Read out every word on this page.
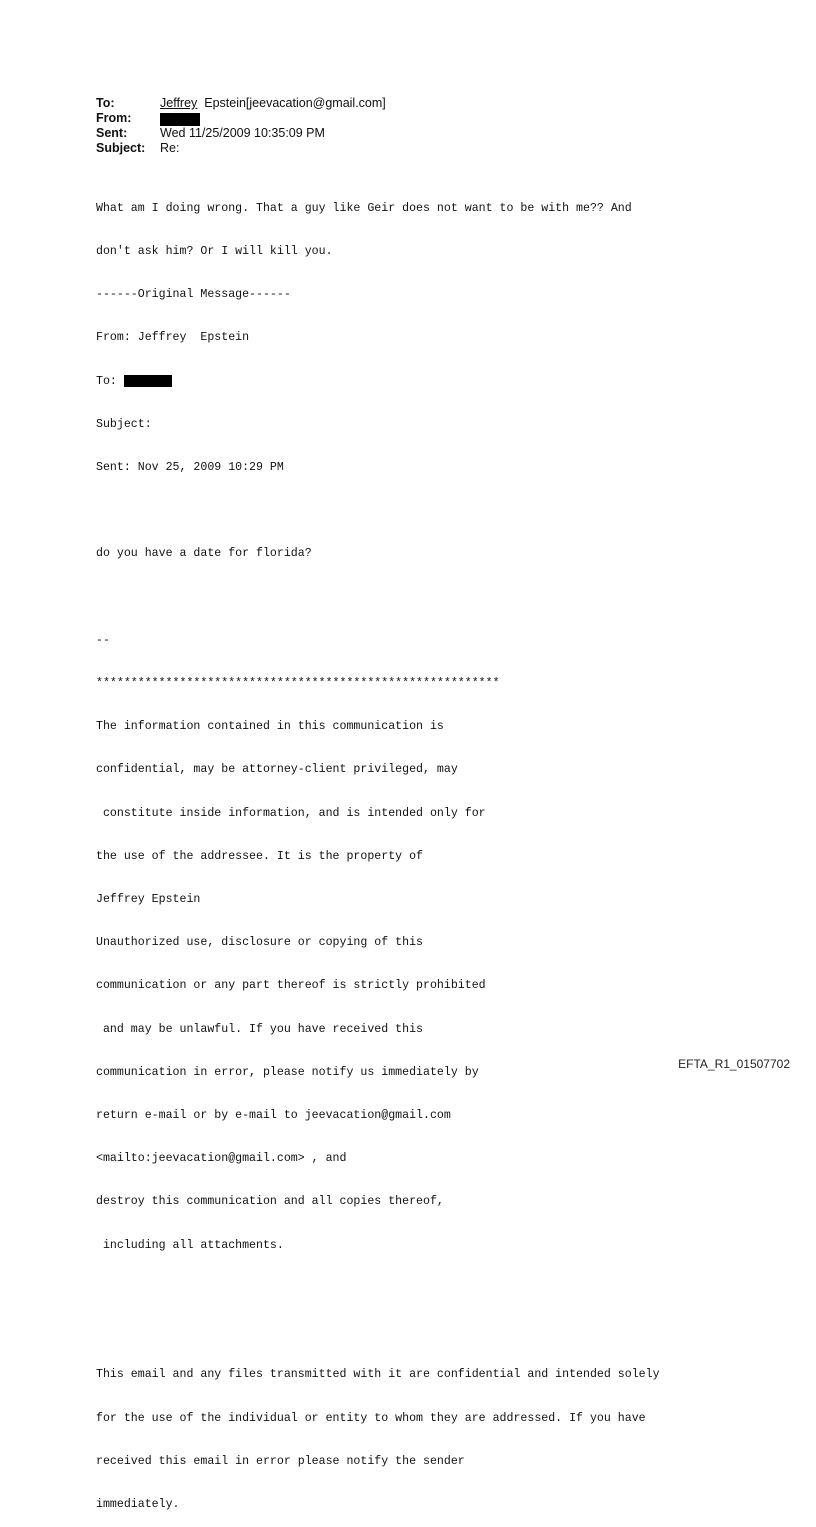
To:	Jeffrey  Epstein[jeevacation@gmail.com]
From:
Sent:	Wed 11/25/2009 10:35:09 PM
Subject:	Re:

What am I doing wrong. That a guy like Geir does not want to be with me?? And

don't ask him? Or I will kill you.

------Original Message------

From: Jeffrey  Epstein

To:

Subject:

Sent: Nov 25, 2009 10:29 PM

do you have a date for florida?

--

**********************************************************

The information contained in this communication is

confidential, may be attorney-client privileged, may

constitute inside information, and is intended only for

the use of the addressee. It is the property of

Jeffrey Epstein

Unauthorized use, disclosure or copying of this

communication or any part thereof is strictly prohibited

and may be unlawful. If you have received this

communication in error, please notify us immediately by

return e-mail or by e-mail to jeevacation@gmail.com

<mailto:jeevacation@gmail.com> , and

destroy this communication and all copies thereof,

including all attachments.

This email and any files transmitted with it are confidential and intended solely

for the use of the individual or entity to whom they are addressed. If you have

received this email in error please notify the sender

immediately.

EFTA_R1_01507702
